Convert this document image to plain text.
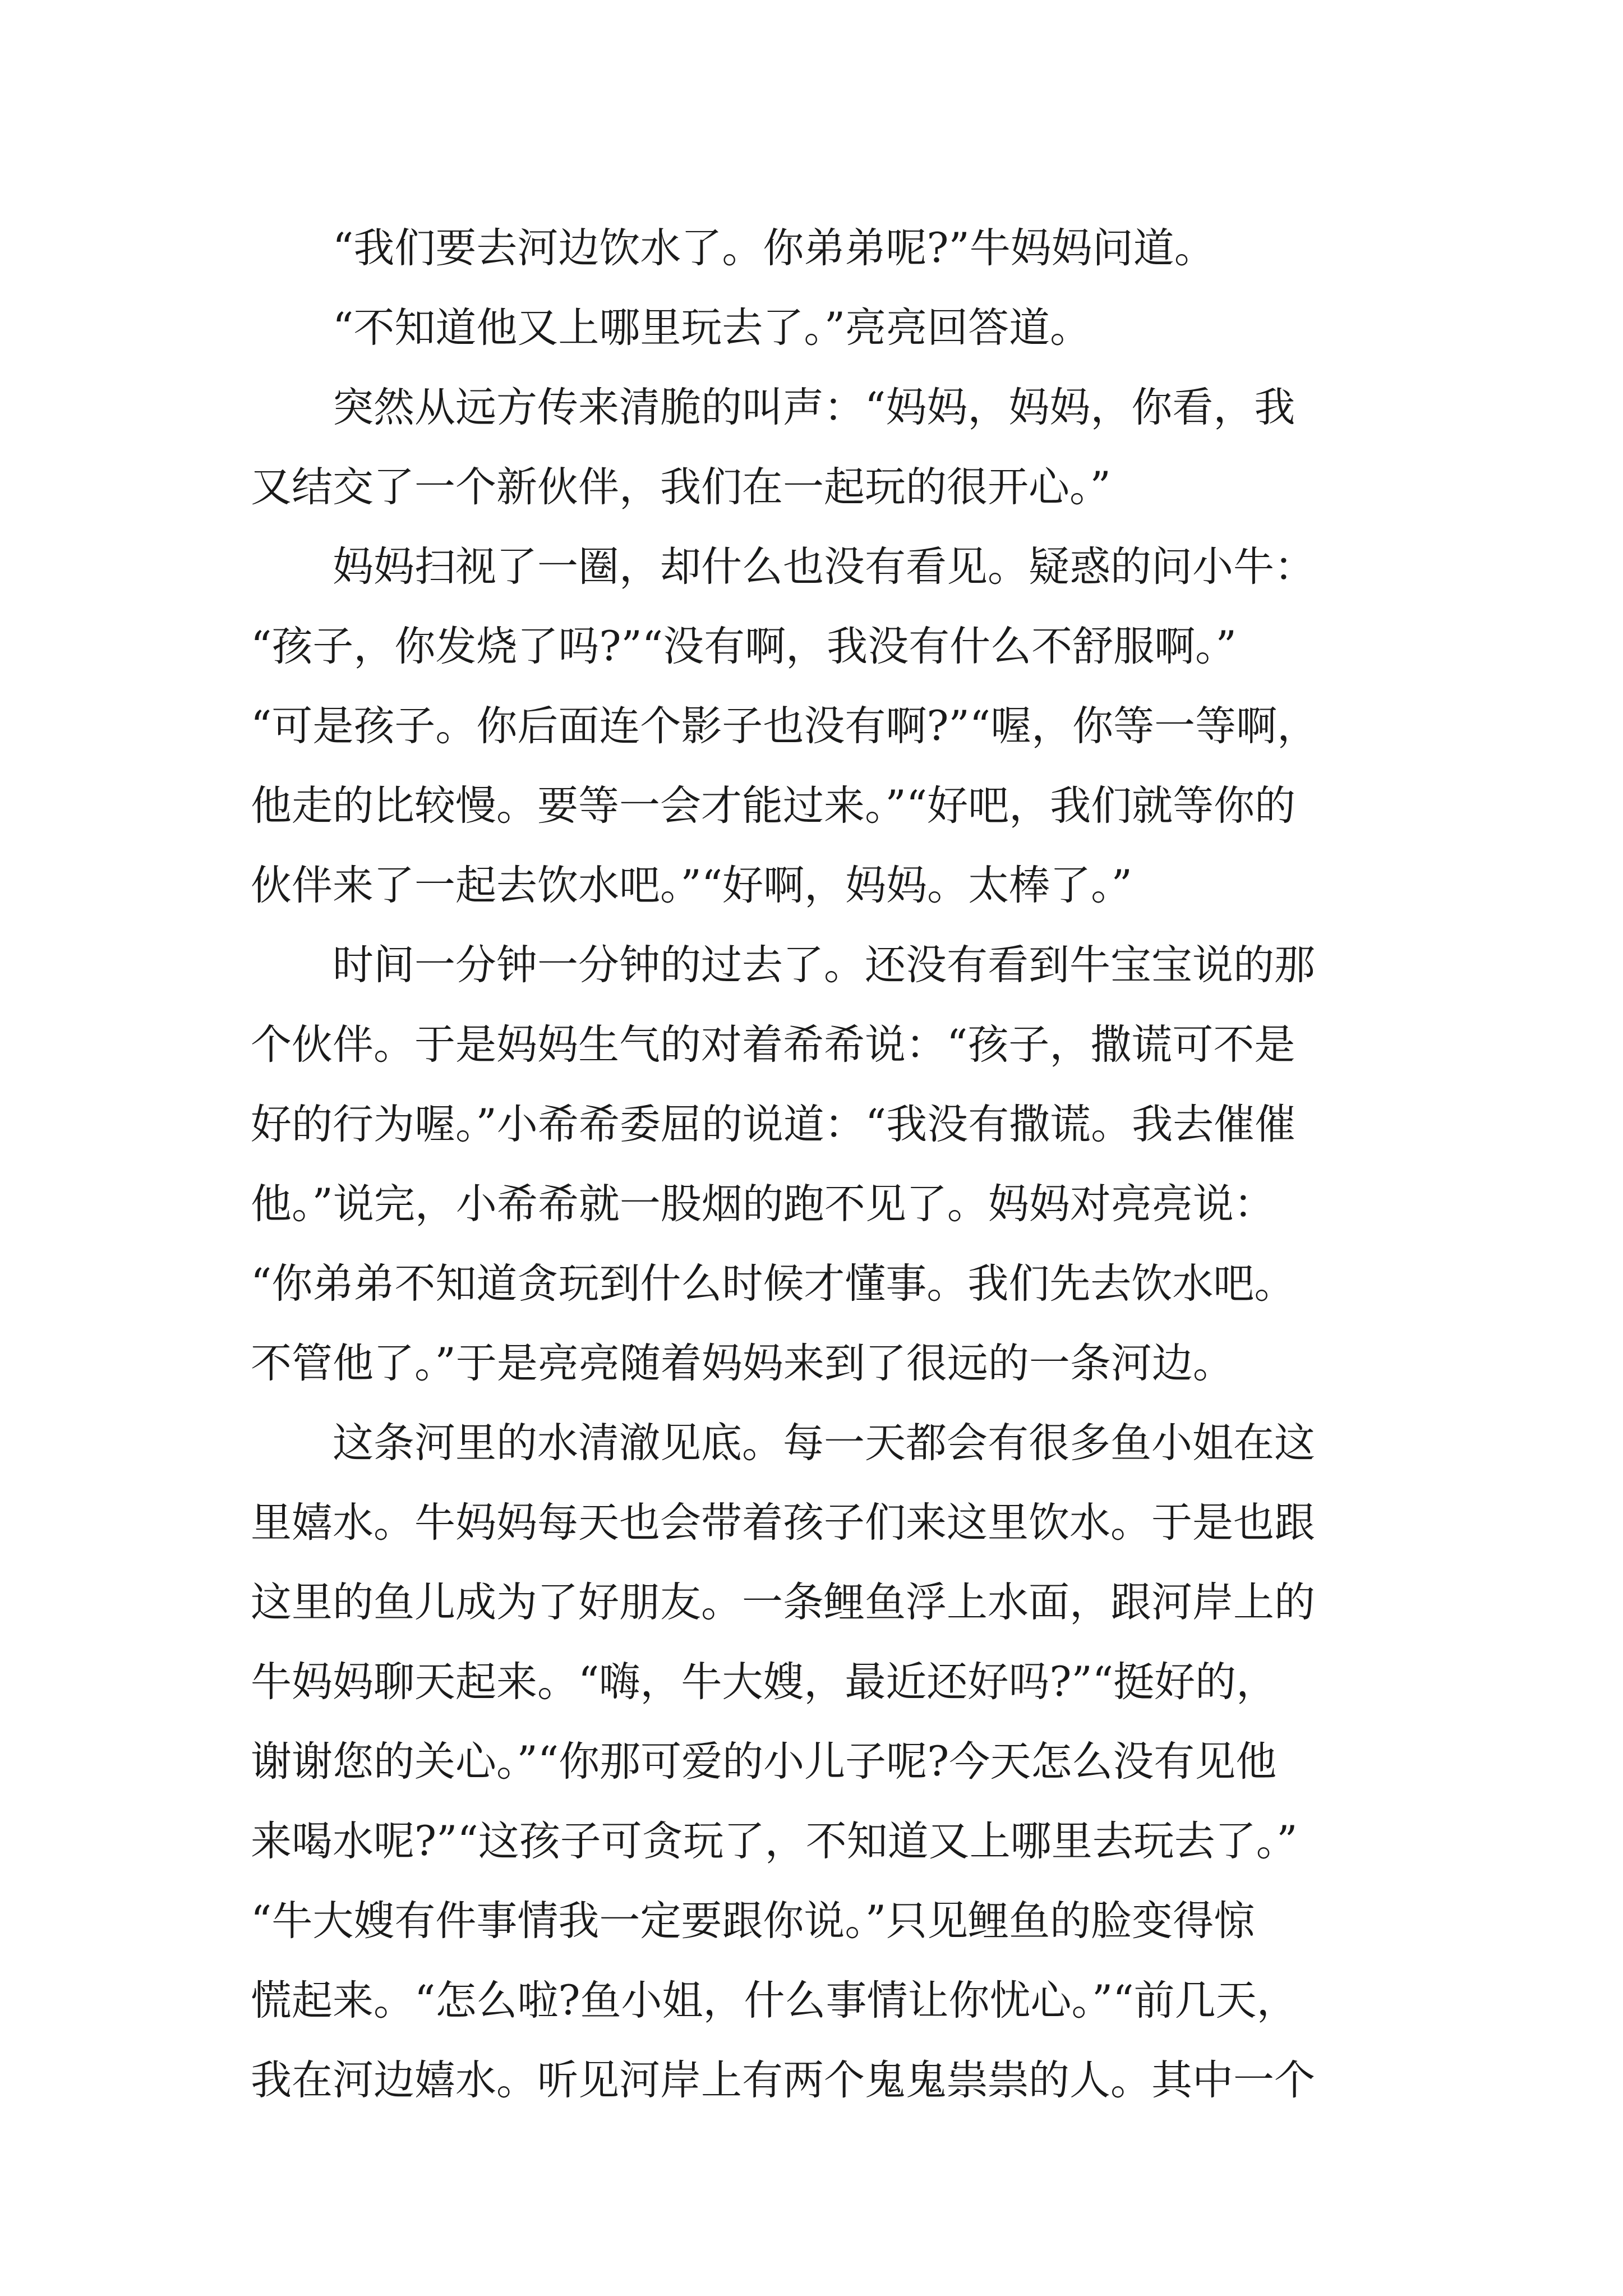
　　“我们要去河边饮水了。你弟弟呢?”牛妈妈问道。
　　“不知道他又上哪里玩去了。”亮亮回答道。
　　突然从远方传来清脆的叫声：“妈妈，妈妈，你看，我
又结交了一个新伙伴，我们在一起玩的很开心。”
　　妈妈扫视了一圈，却什么也没有看见。疑惑的问小牛：
“孩子，你发烧了吗?”“没有啊，我没有什么不舒服啊。”
“可是孩子。你后面连个影子也没有啊?”“喔，你等一等啊，
他走的比较慢。要等一会才能过来。”“好吧，我们就等你的
伙伴来了一起去饮水吧。”“好啊，妈妈。太棒了。”
　　时间一分钟一分钟的过去了。还没有看到牛宝宝说的那
个伙伴。于是妈妈生气的对着希希说：“孩子，撒谎可不是
好的行为喔。”小希希委屈的说道：“我没有撒谎。我去催催
他。”说完，小希希就一股烟的跑不见了。妈妈对亮亮说：
“你弟弟不知道贪玩到什么时候才懂事。我们先去饮水吧。
不管他了。”于是亮亮随着妈妈来到了很远的一条河边。
　　这条河里的水清澈见底。每一天都会有很多鱼小姐在这
里嬉水。牛妈妈每天也会带着孩子们来这里饮水。于是也跟
这里的鱼儿成为了好朋友。一条鲤鱼浮上水面，跟河岸上的
牛妈妈聊天起来。“嗨，牛大嫂，最近还好吗?”“挺好的，
谢谢您的关心。”“你那可爱的小儿子呢?今天怎么没有见他
来喝水呢?”“这孩子可贪玩了，不知道又上哪里去玩去了。”
“牛大嫂有件事情我一定要跟你说。”只见鲤鱼的脸变得惊
慌起来。“怎么啦?鱼小姐，什么事情让你忧心。”“前几天，
我在河边嬉水。听见河岸上有两个鬼鬼祟祟的人。其中一个
